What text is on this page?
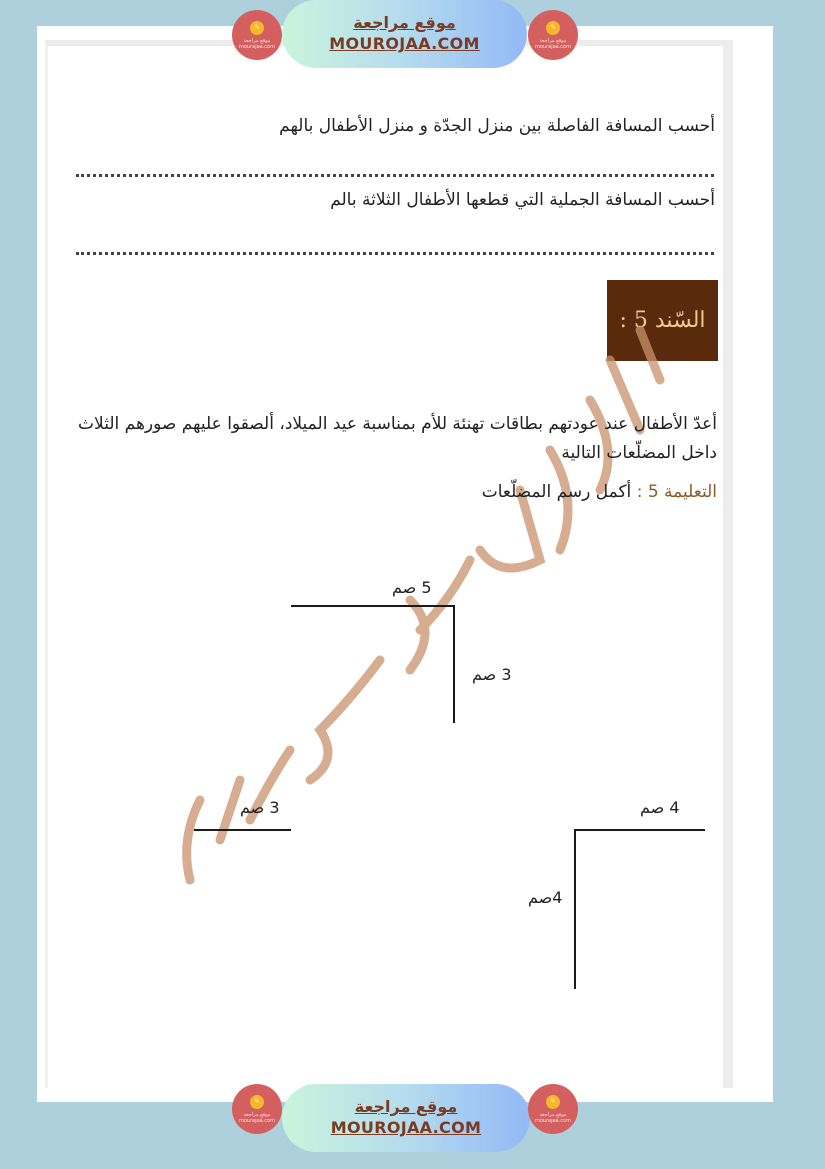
✎
موقع مراجعة mourajaa.com
موقع مراجعة
MOUROJAA.COM
✎
موقع مراجعة mourajaa.com
أحسب المسافة الفاصلة بين منزل الجدّة و منزل الأطفال بالهم
أحسب المسافة الجملية التي قطعها الأطفال الثلاثة بالم
السّند 5 :
أعدّ الأطفال عند عودتهم بطاقات تهنئة للأم بمناسبة عيد الميلاد، ألصقوا عليهم صورهم الثلاث داخل المضلّعات التالية
التعليمة 5 : أكمل رسم المضلّعات
5 صم
3 صم
3 صم	4 صم
4صم
✎
موقع مراجعة mourajaa.com
موقع مراجعة
MOUROJAA.COM
✎
موقع مراجعة mourajaa.com
